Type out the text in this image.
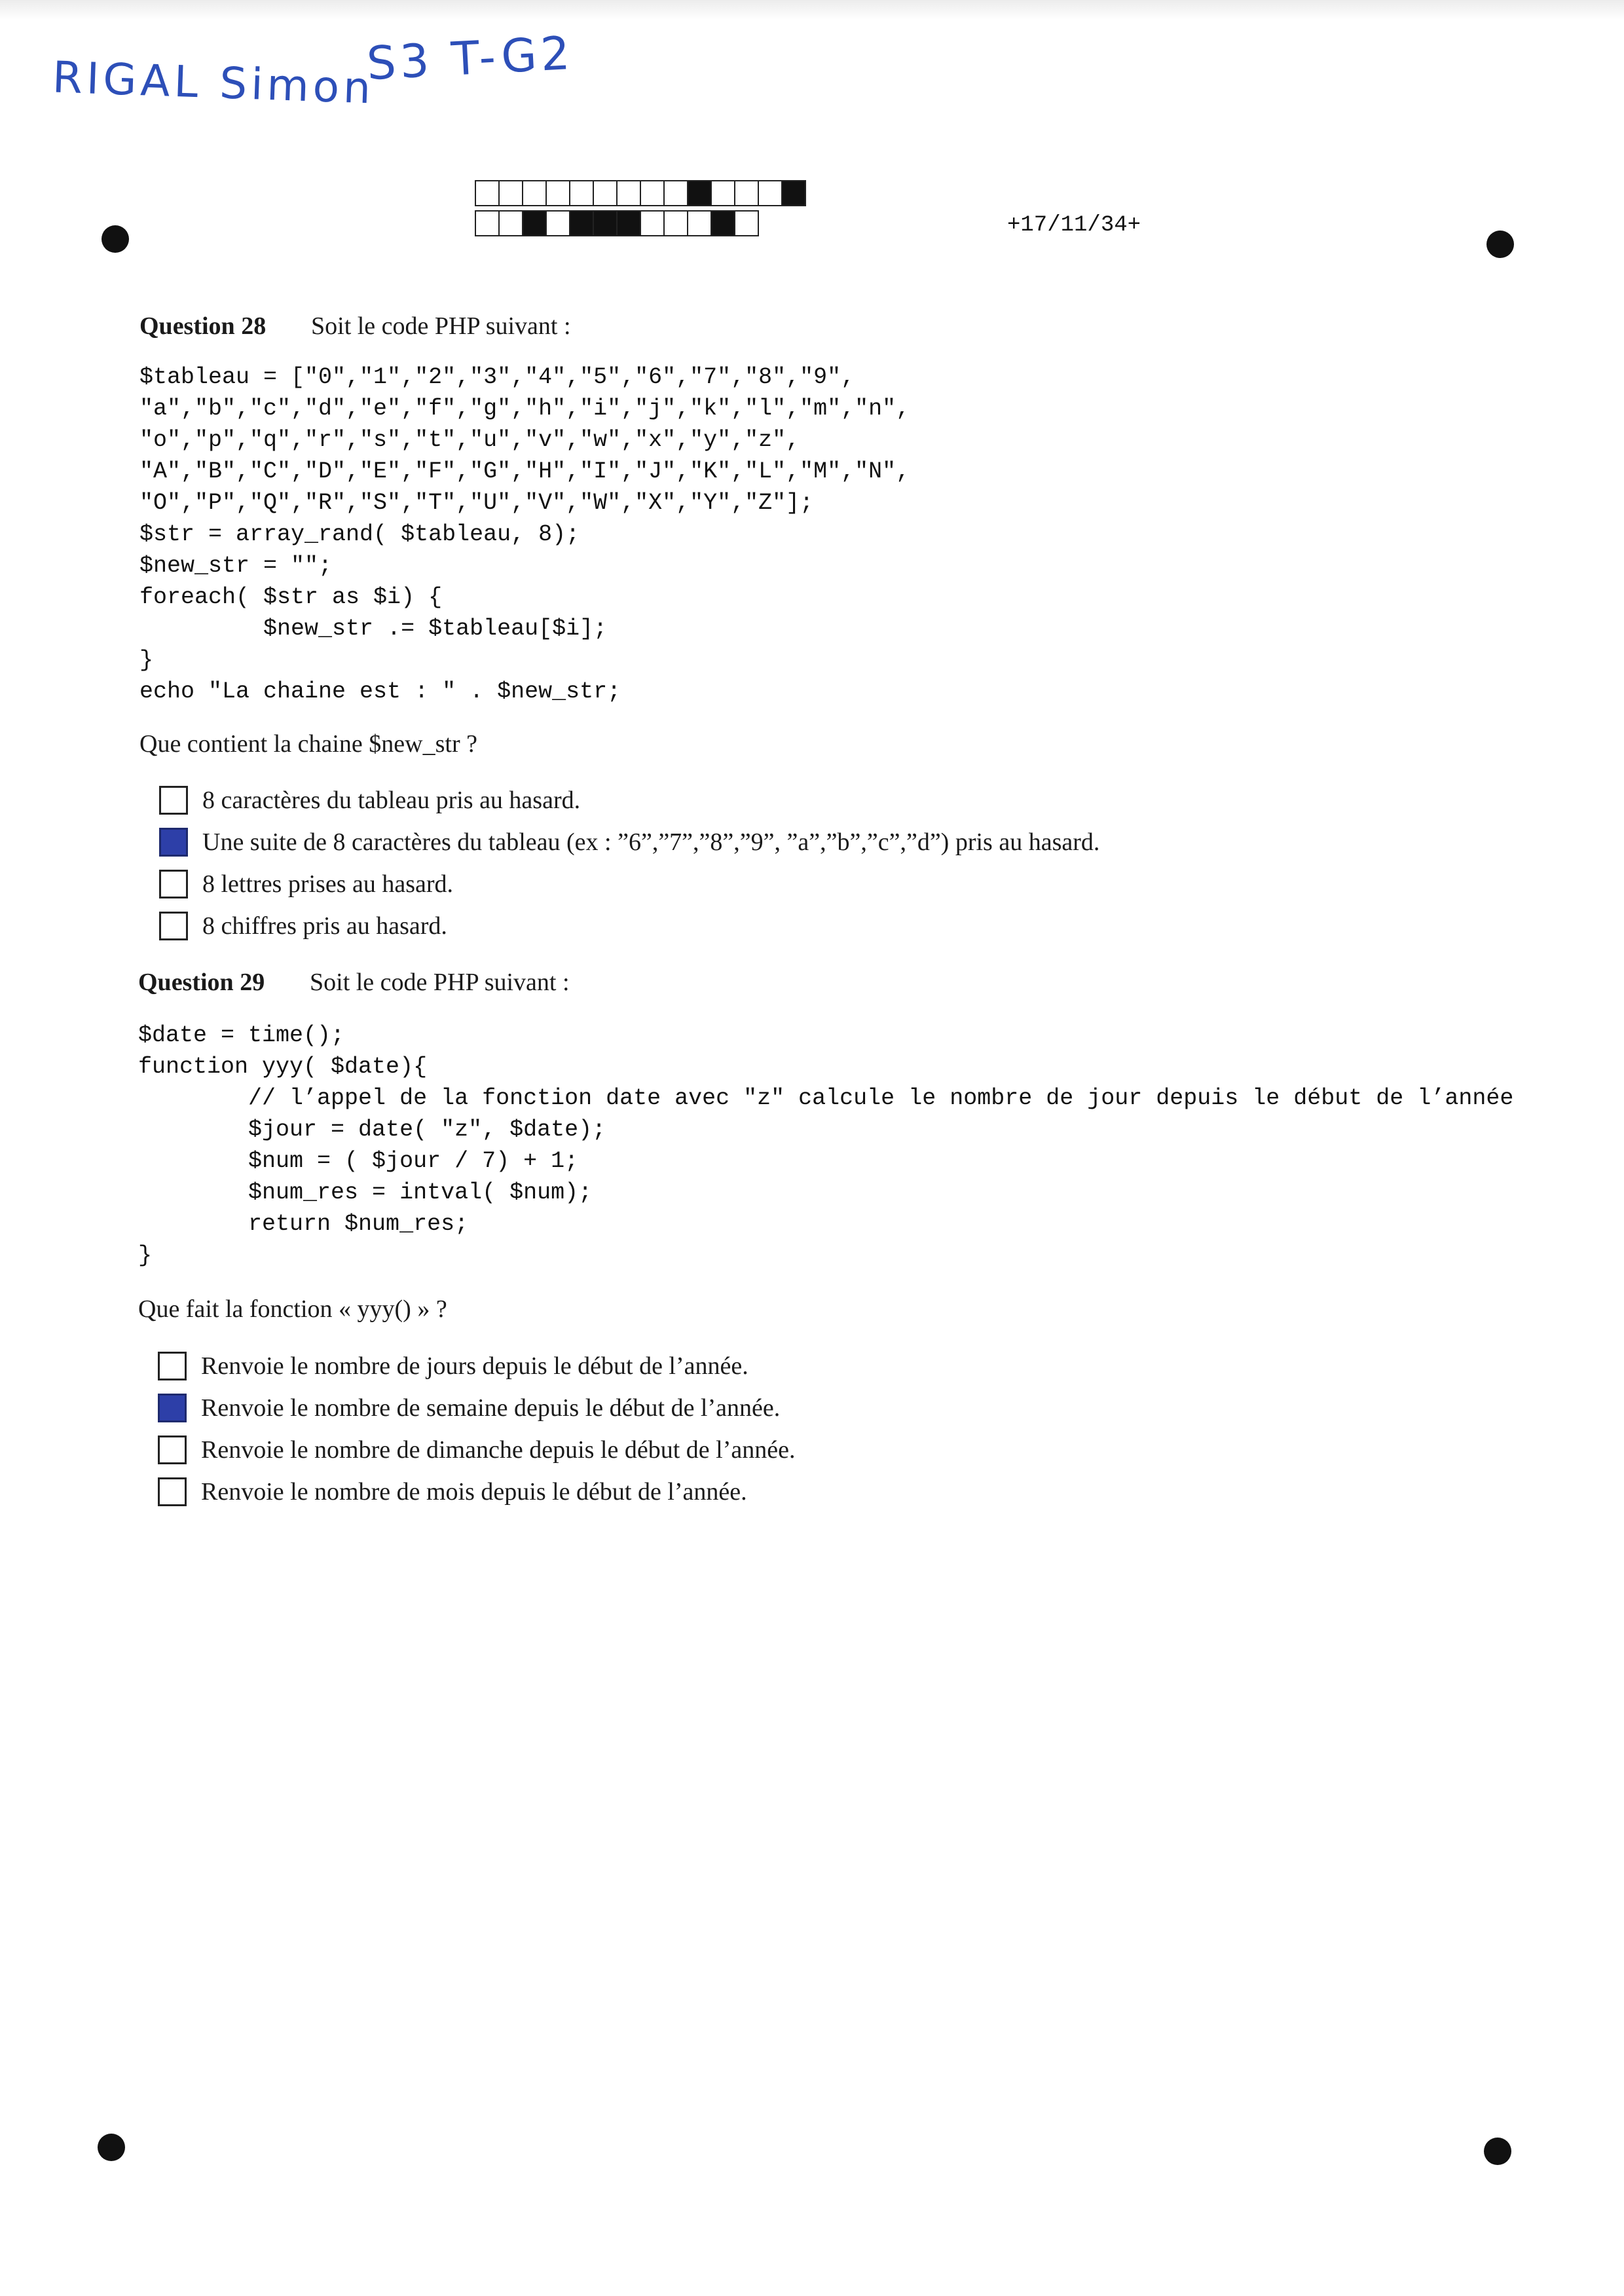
RIGAL Simon
S3 T-G2
+17/11/34+
Question 28	Soit le code PHP suivant :
$tableau = ["0","1","2","3","4","5","6","7","8","9",
"a","b","c","d","e","f","g","h","i","j","k","l","m","n",
"o","p","q","r","s","t","u","v","w","x","y","z",
"A","B","C","D","E","F","G","H","I","J","K","L","M","N",
"O","P","Q","R","S","T","U","V","W","X","Y","Z"];
$str = array_rand( $tableau, 8);
$new_str = "";
foreach( $str as $i) {
$new_str .= $tableau[$i];
}
echo "La chaine est : " . $new_str;
Que contient la chaine $new_str ?
8 caractères du tableau pris au hasard.
Une suite de 8 caractères du tableau (ex : ”6”,”7”,”8”,”9”, ”a”,”b”,”c”,”d”) pris au hasard.
8 lettres prises au hasard.
8 chiffres pris au hasard.
Question 29	Soit le code PHP suivant :
$date = time();
function yyy( $date){
// l’appel de la fonction date avec "z" calcule le nombre de jour depuis le début de l’année
$jour = date( "z", $date);
$num = ( $jour / 7) + 1;
$num_res = intval( $num);
return $num_res;
}
Que fait la fonction « yyy() » ?
Renvoie le nombre de jours depuis le début de l’année.
Renvoie le nombre de semaine depuis le début de l’année.
Renvoie le nombre de dimanche depuis le début de l’année.
Renvoie le nombre de mois depuis le début de l’année.
